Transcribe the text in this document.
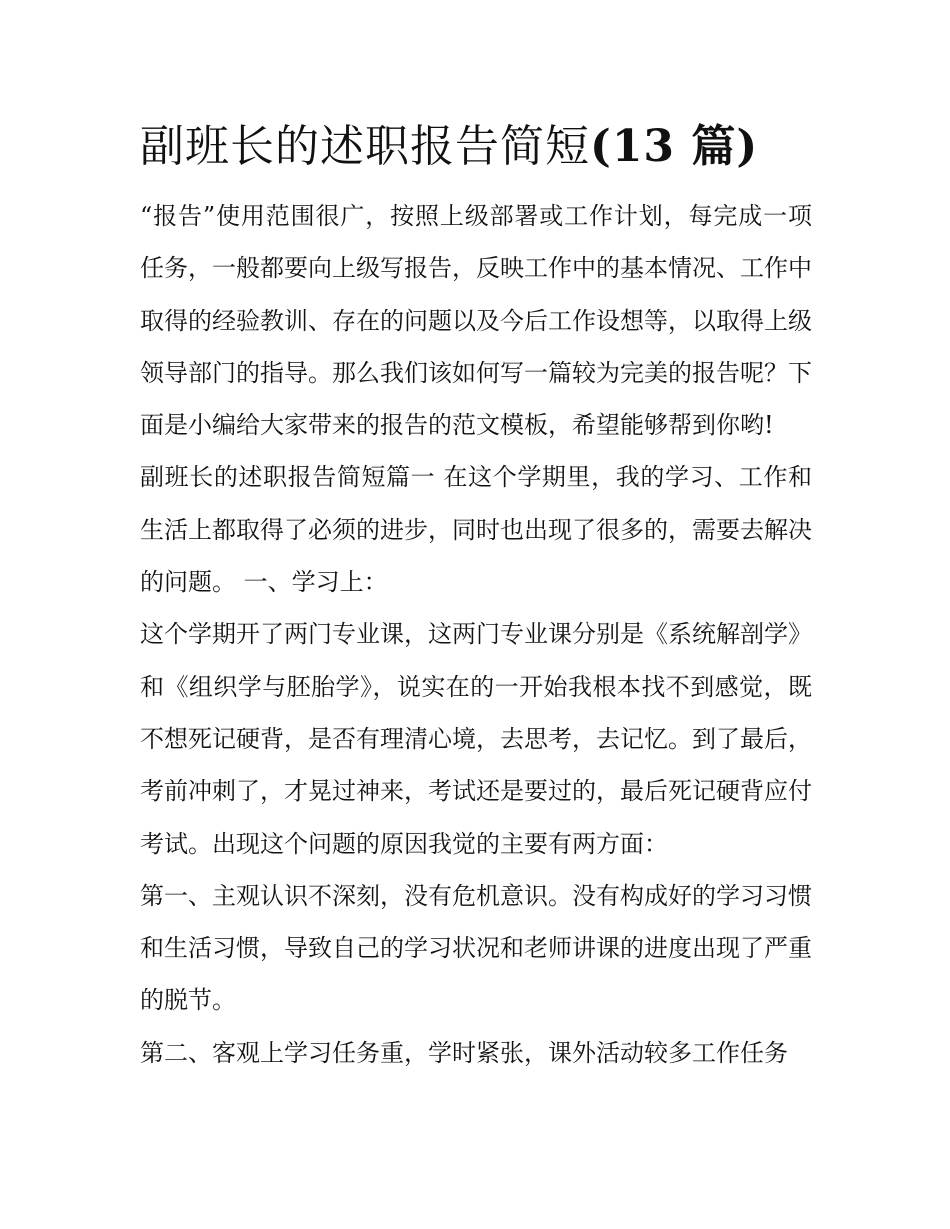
副班长的述职报告简短(13 篇)

“报告”使用范围很广，按照上级部署或工作计划，每完成一项任务，一般都要向上级写报告，反映工作中的基本情况、工作中取得的经验教训、存在的问题以及今后工作设想等，以取得上级领导部门的指导。那么我们该如何写一篇较为完美的报告呢？下面是小编给大家带来的报告的范文模板，希望能够帮到你哟!

副班长的述职报告简短篇一 在这个学期里，我的学习、工作和生活上都取得了必须的进步，同时也出现了很多的，需要去解决的问题。 一、学习上：

这个学期开了两门专业课，这两门专业课分别是《系统解剖学》和《组织学与胚胎学》，说实在的一开始我根本找不到感觉，既不想死记硬背，是否有理清心境，去思考，去记忆。到了最后，考前冲刺了，才晃过神来，考试还是要过的，最后死记硬背应付考试。出现这个问题的原因我觉的主要有两方面：

第一、主观认识不深刻，没有危机意识。没有构成好的学习习惯和生活习惯，导致自己的学习状况和老师讲课的进度出现了严重的脱节。

第二、客观上学习任务重，学时紧张，课外活动较多工作任务
